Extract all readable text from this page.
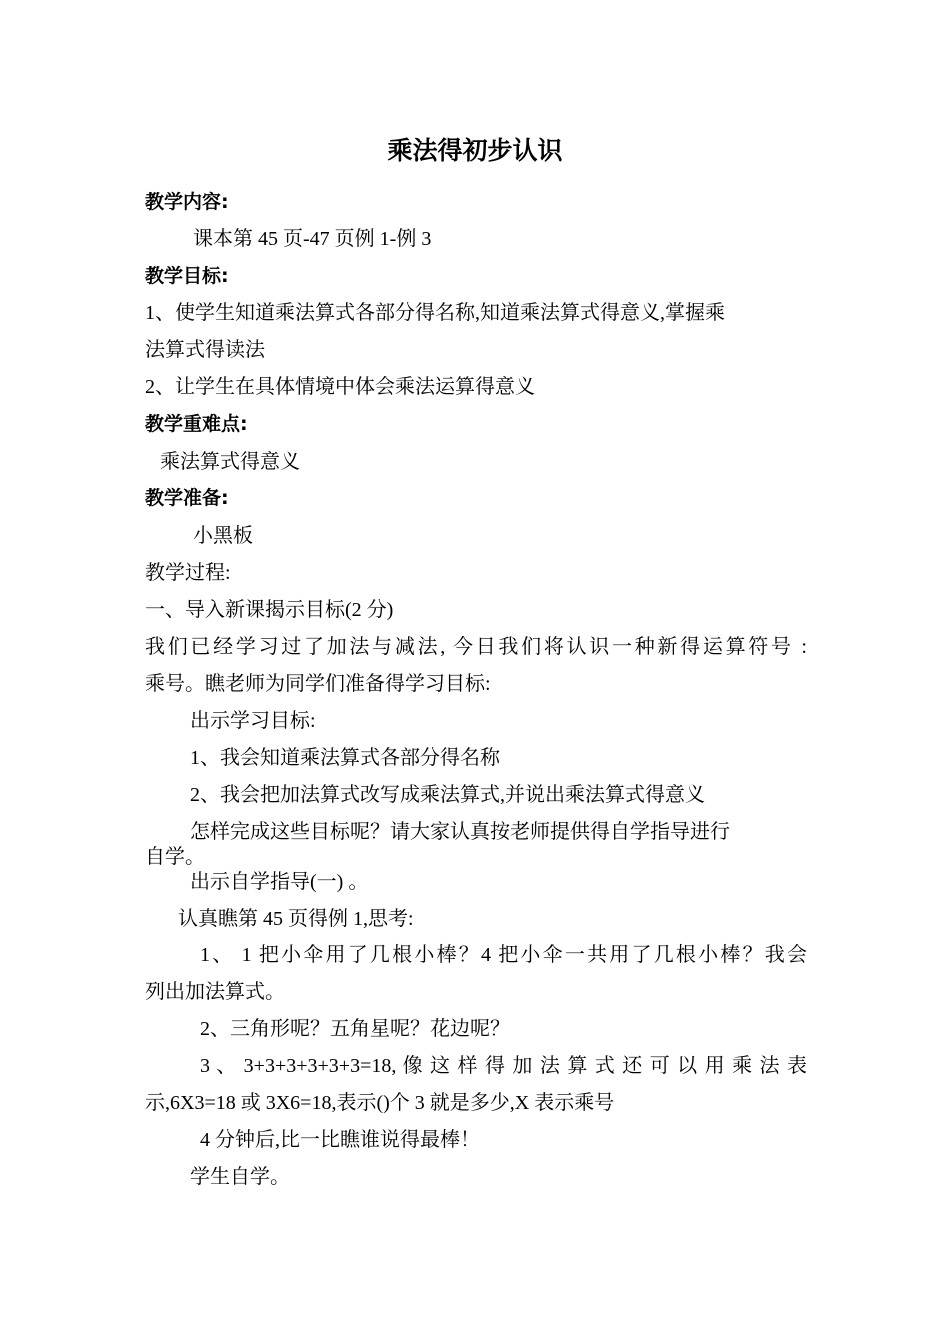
乘法得初步认识
教学内容:
课本第 45 页-47 页例 1-例 3
教学目标:
1、使学生知道乘法算式各部分得名称,知道乘法算式得意义,掌握乘
法算式得读法
2、让学生在具体情境中体会乘法运算得意义
教学重难点:
乘法算式得意义
教学准备:
小黑板
教学过程:
一、导入新课揭示目标(2 分)
我们已经学习过了加法与减法, 今日我们将认识一种新得运算符号 :
乘号。瞧老师为同学们准备得学习目标:
出示学习目标:
1、我会知道乘法算式各部分得名称
2、我会把加法算式改写成乘法算式,并说出乘法算式得意义
怎样完成这些目标呢？请大家认真按老师提供得自学指导进行
自学。
出示自学指导(一) 。
认真瞧第 45 页得例 1,思考:
1、 1 把小伞用了几根小棒？4 把小伞一共用了几根小棒？我会
列出加法算式。
2、三角形呢？五角星呢？花边呢？
3 、 3+3+3+3+3+3=18, 像 这 样 得 加 法 算 式 还 可 以 用 乘 法 表
示,6X3=18 或 3X6=18,表示()个 3 就是多少,X 表示乘号
4 分钟后,比一比瞧谁说得最棒！
学生自学。
